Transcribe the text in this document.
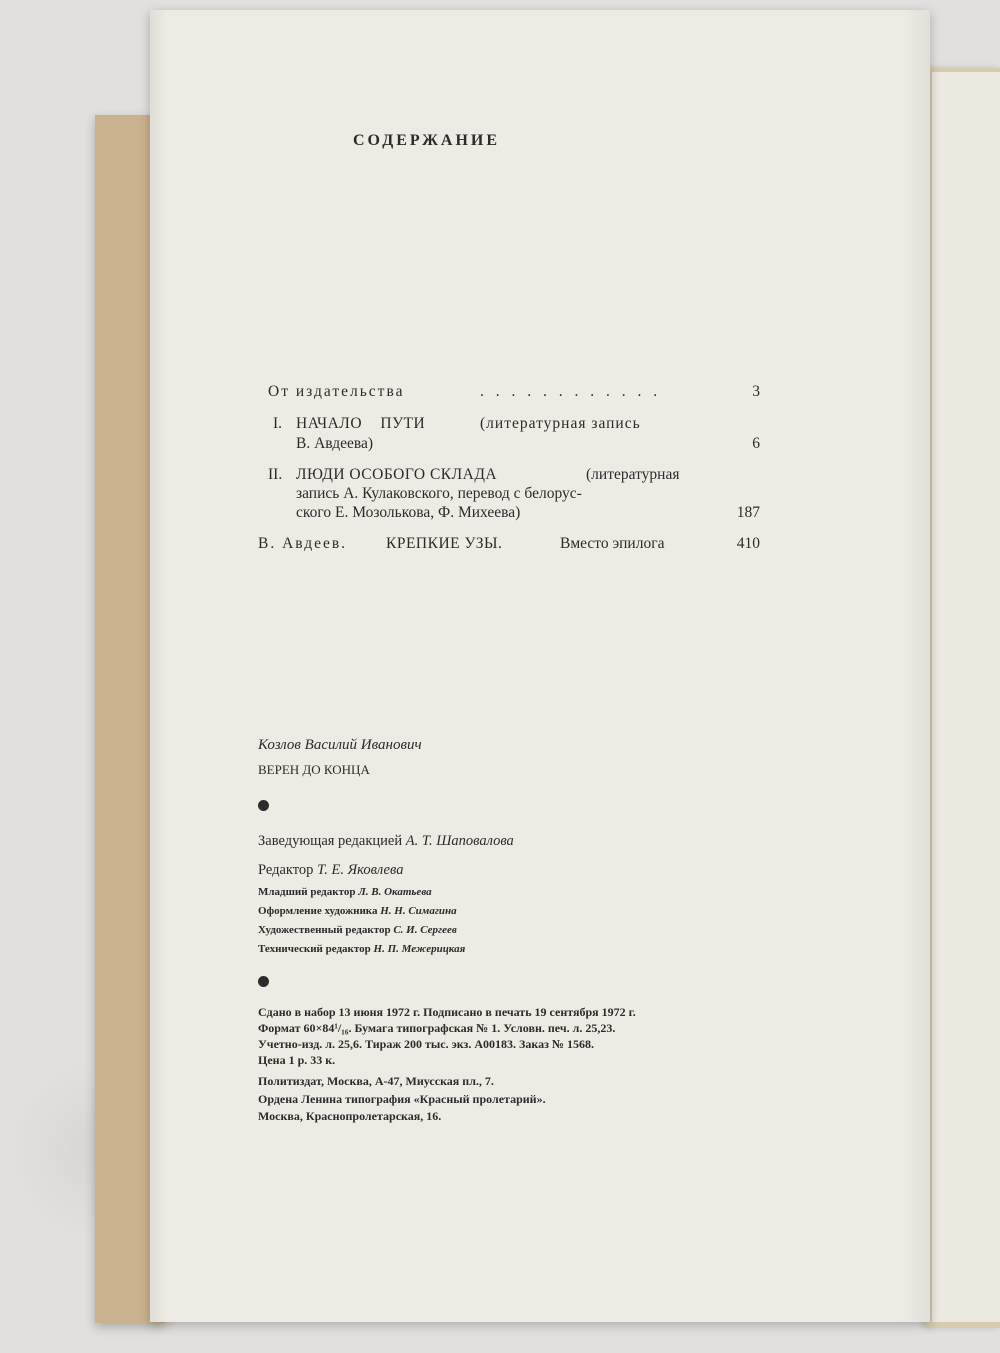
СОДЕРЖАНИЕ
От издательства	. . . . . . . . . . . .	3
I. НАЧАЛО ПУТИ	(литературная запись
В. Авдеева)	6
II. ЛЮДИ ОСОБОГО СКЛАДА	(литературная
запись А. Кулаковского, перевод с белорус-
ского Е. Мозолькова, Ф. Михеева)	187
В. Авдеев.	КРЕПКИЕ УЗЫ.	Вместо эпилога	410
Козлов Василий Иванович
ВЕРЕН ДО КОНЦА
Заведующая редакцией А. Т. Шаповалова
Редактор Т. Е. Яковлева
Младший редактор Л. В. Окатьева
Оформление художника Н. Н. Симагина
Художественный редактор С. И. Сергеев
Технический редактор Н. П. Межерицкая
Сдано в набор 13 июня 1972 г. Подписано в печать 19 сентября 1972 г.
Формат 60×84¹/₁₆. Бумага типографская № 1. Условн. печ. л. 25,23.
Учетно-изд. л. 25,6. Тираж 200 тыс. экз. А00183. Заказ № 1568.
Цена 1 р. 33 к.
Политиздат, Москва, А-47, Миусская пл., 7.
Ордена Ленина типография «Красный пролетарий».
Москва, Краснопролетарская, 16.
